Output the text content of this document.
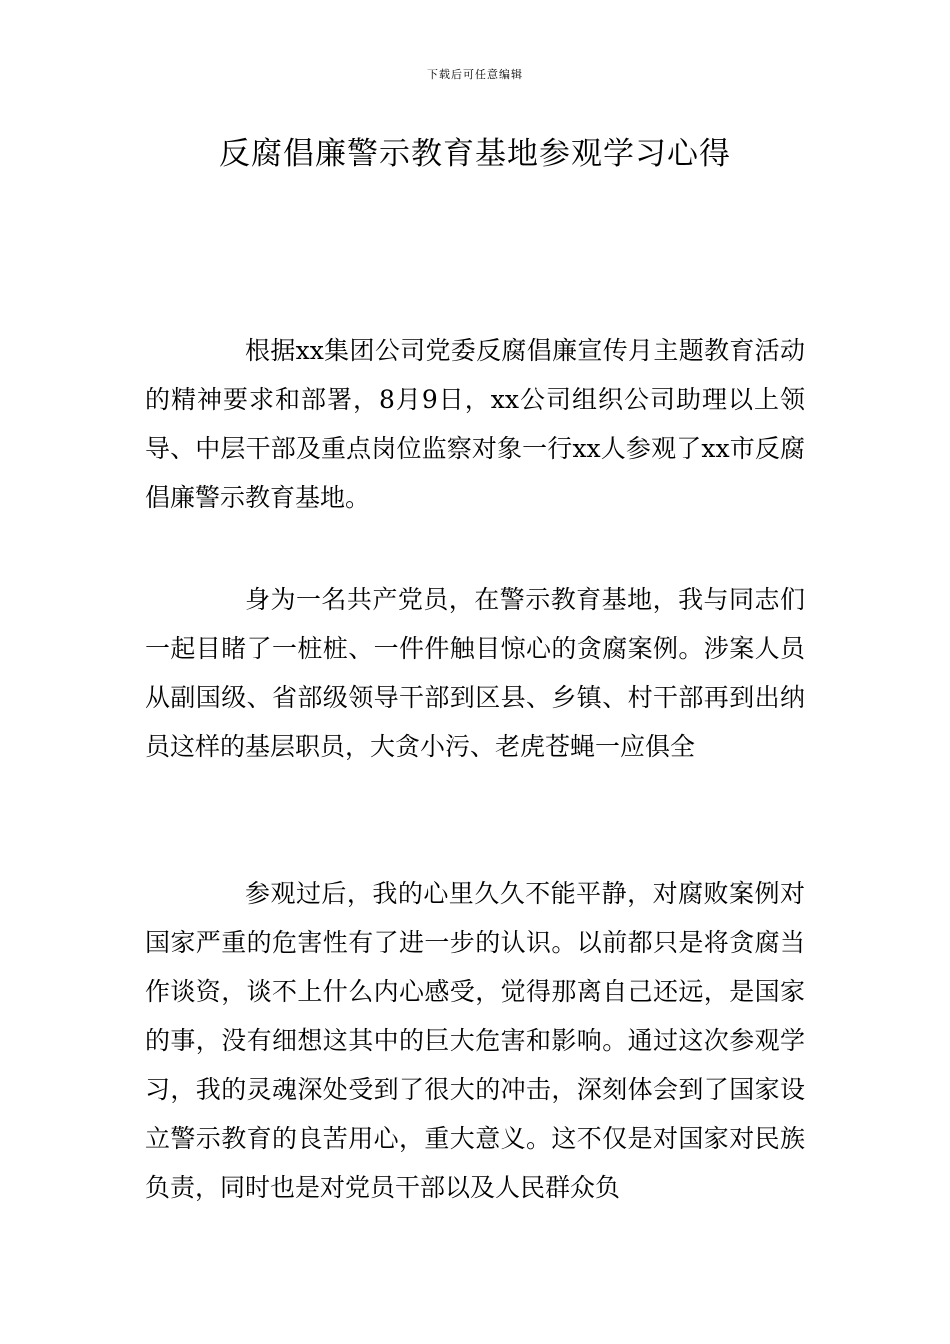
下载后可任意编辑
反腐倡廉警示教育基地参观学习心得

根据xx集团公司党委反腐倡廉宣传月主题教育活动的精神要求和部署，8月9日，xx公司组织公司助理以上领导、中层干部及重点岗位监察对象一行xx人参观了xx市反腐倡廉警示教育基地。

身为一名共产党员，在警示教育基地，我与同志们一起目睹了一桩桩、一件件触目惊心的贪腐案例。涉案人员从副国级、省部级领导干部到区县、乡镇、村干部再到出纳员这样的基层职员，大贪小污、老虎苍蝇一应俱全

参观过后，我的心里久久不能平静，对腐败案例对国家严重的危害性有了进一步的认识。以前都只是将贪腐当作谈资，谈不上什么内心感受，觉得那离自己还远，是国家的事，没有细想这其中的巨大危害和影响。通过这次参观学习，我的灵魂深处受到了很大的冲击，深刻体会到了国家设立警示教育的良苦用心，重大意义。这不仅是对国家对民族负责，同时也是对党员干部以及人民群众负
